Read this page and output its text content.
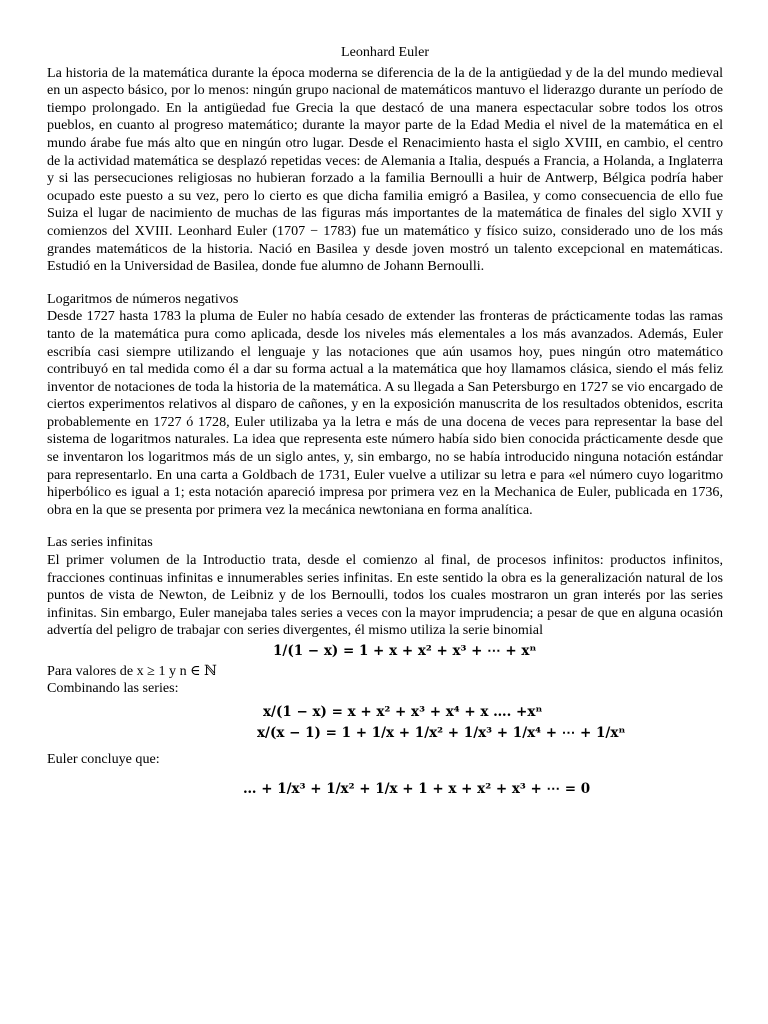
Leonhard Euler

La historia de la matemática durante la época moderna se diferencia de la de la antigüedad y de la del mundo medieval en un aspecto básico, por lo menos: ningún grupo nacional de matemáticos mantuvo el liderazgo durante un período de tiempo prolongado. En la antigüedad fue Grecia la que destacó de una manera espectacular sobre todos los otros pueblos, en cuanto al progreso matemático; durante la mayor parte de la Edad Media el nivel de la matemática en el mundo árabe fue más alto que en ningún otro lugar. Desde el Renacimiento hasta el siglo XVIII, en cambio, el centro de la actividad matemática se desplazó repetidas veces: de Alemania a Italia, después a Francia, a Holanda, a Inglaterra y si las persecuciones religiosas no hubieran forzado a la familia Bernoulli a huir de Antwerp, Bélgica podría haber ocupado este puesto a su vez, pero lo cierto es que dicha familia emigró a Basilea, y como consecuencia de ello fue Suiza el lugar de nacimiento de muchas de las figuras más importantes de la matemática de finales del siglo XVII y comienzos del XVIII. Leonhard Euler (1707 − 1783) fue un matemático y físico suizo, considerado uno de los más grandes matemáticos de la historia. Nació en Basilea y desde joven mostró un talento excepcional en matemáticas. Estudió en la Universidad de Basilea, donde fue alumno de Johann Bernoulli.

Logaritmos de números negativos

Desde 1727 hasta 1783 la pluma de Euler no había cesado de extender las fronteras de prácticamente todas las ramas tanto de la matemática pura como aplicada, desde los niveles más elementales a los más avanzados. Además, Euler escribía casi siempre utilizando el lenguaje y las notaciones que aún usamos hoy, pues ningún otro matemático contribuyó en tal medida como él a dar su forma actual a la matemática que hoy llamamos clásica, siendo el más feliz inventor de notaciones de toda la historia de la matemática. A su llegada a San Petersburgo en 1727 se vio encargado de ciertos experimentos relativos al disparo de cañones, y en la exposición manuscrita de los resultados obtenidos, escrita probablemente en 1727 ó 1728, Euler utilizaba ya la letra e más de una docena de veces para representar la base del sistema de logaritmos naturales. La idea que representa este número había sido bien conocida prácticamente desde que se inventaron los logaritmos más de un siglo antes, y, sin embargo, no se había introducido ninguna notación estándar para representarlo. En una carta a Goldbach de 1731, Euler vuelve a utilizar su letra e para «el número cuyo logaritmo hiperbólico es igual a 1; esta notación apareció impresa por primera vez en la Mechanica de Euler, publicada en 1736, obra en la que se presenta por primera vez la mecánica newtoniana en forma analítica.

Las series infinitas

El primer volumen de la Introductio trata, desde el comienzo al final, de procesos infinitos: productos infinitos, fracciones continuas infinitas e innumerables series infinitas. En este sentido la obra es la generalización natural de los puntos de vista de Newton, de Leibniz y de los Bernoulli, todos los cuales mostraron un gran interés por las series infinitas. Sin embargo, Euler manejaba tales series a veces con la mayor imprudencia; a pesar de que en alguna ocasión advertía del peligro de trabajar con series divergentes, él mismo utiliza la serie binomial

1/(1 − x) = 1 + x + x² + x³ + ⋯ + xⁿ

Para valores de x ≥ 1 y n ∈ ℕ

Combinando las series:

x/(1 − x) = x + x² + x³ + x⁴ + x …. +xⁿ
x/(x − 1) = 1 + 1/x + 1/x² + 1/x³ + 1/x⁴ + ⋯ + 1/xⁿ

Euler concluye que:

… + 1/x³ + 1/x² + 1/x + 1 + x + x² + x³ + ⋯ = 0
